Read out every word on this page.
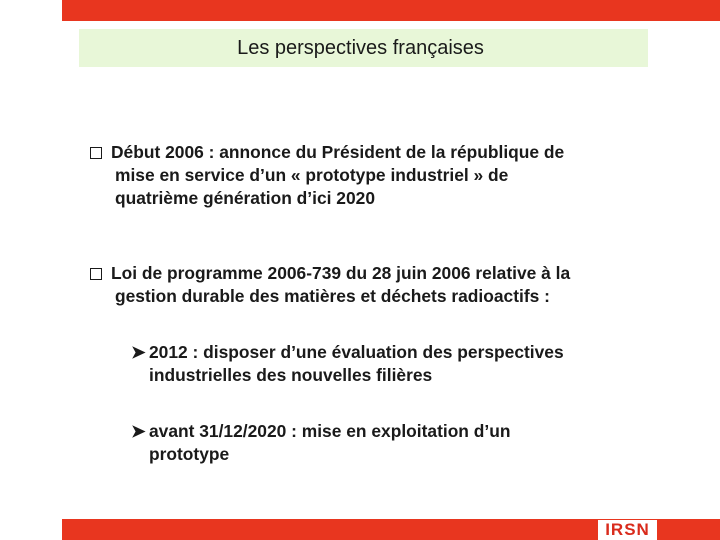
Les perspectives françaises
Début 2006 : annonce du Président de la république de
mise en service d’un « prototype industriel » de
quatrième génération d’ici 2020
Loi de programme 2006-739 du 28 juin 2006 relative à la
gestion durable des matières et déchets radioactifs :
➤ 2012 : disposer d’une évaluation des perspectives
industrielles des nouvelles filières
➤ avant 31/12/2020 : mise en exploitation d’un
prototype
IRSN
